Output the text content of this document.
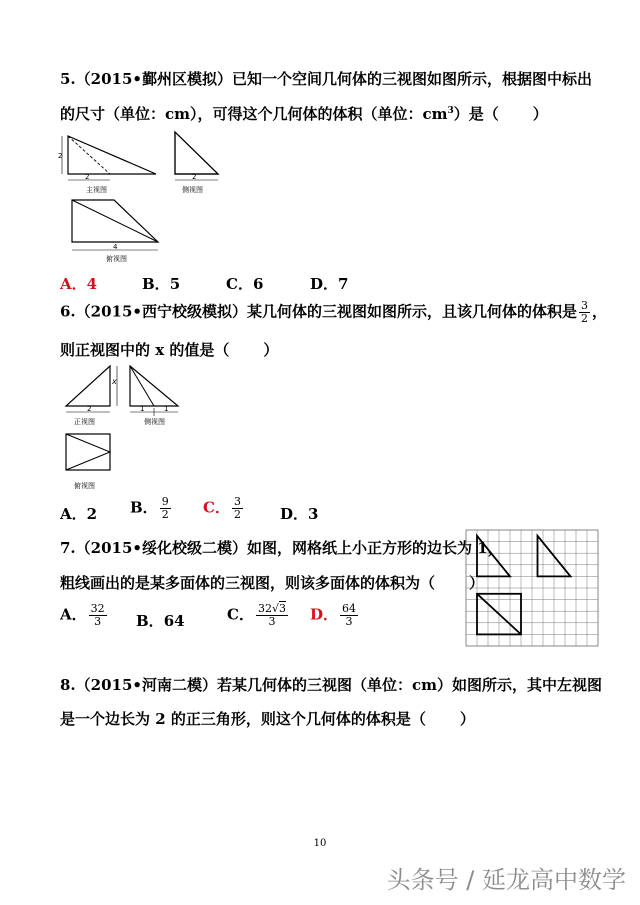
5.（2015•鄞州区模拟）已知一个空间几何体的三视图如图所示，根据图中标出
的尺寸（单位：cm），可得这个几何体的体积（单位：$cm^3$）是（ ）
2
2
主视图
2
侧视图
4
俯视图
A．4	B．5	C．6	D．7
6.（2015•西宁校级模拟）某几何体的三视图如图所示，且该几何体的体积是 $\frac{3}{2}$ ，
则正视图中的 x 的值是（ ）
x
2
正视图
1	1
侧视图
俯视图
A．2 B． $\frac{9}{2}$ C． $\frac{3}{2}$ D．3
7.（2015•绥化校级二模）如图，网格纸上小正方形的边长为 1，
粗线画出的是某多面体的三视图，则该多面体的体积为（ ）
A． $\frac{32}{3}$ B．64	C． $\frac{32√3}{3}$ D． $\frac{64}{3}$
8.（2015•河南二模）若某几何体的三视图（单位：cm）如图所示，其中左视图
是一个边长为 2 的正三角形，则这个几何体的体积是（ ）
10
头条号 / 延龙高中数学
